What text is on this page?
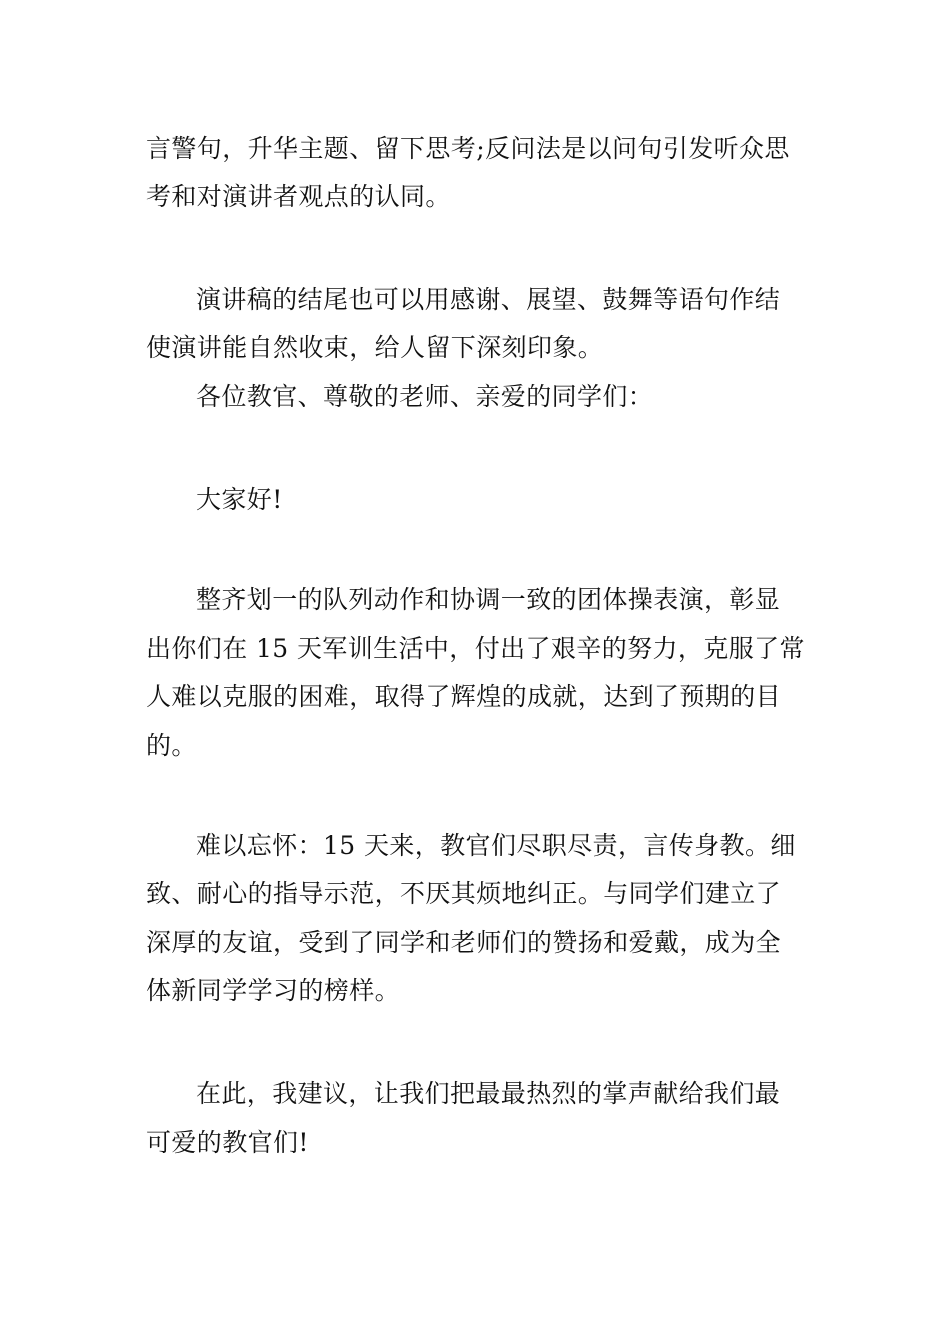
言警句，升华主题、留下思考;反问法是以问句引发听众思
考和对演讲者观点的认同。
演讲稿的结尾也可以用感谢、展望、鼓舞等语句作结
使演讲能自然收束，给人留下深刻印象。
各位教官、尊敬的老师、亲爱的同学们：
大家好!
整齐划一的队列动作和协调一致的团体操表演，彰显
出你们在 15 天军训生活中，付出了艰辛的努力，克服了常
人难以克服的困难，取得了辉煌的成就，达到了预期的目
的。
难以忘怀：15 天来，教官们尽职尽责，言传身教。细
致、耐心的指导示范，不厌其烦地纠正。与同学们建立了
深厚的友谊，受到了同学和老师们的赞扬和爱戴，成为全
体新同学学习的榜样。
在此，我建议，让我们把最最热烈的掌声献给我们最
可爱的教官们!
